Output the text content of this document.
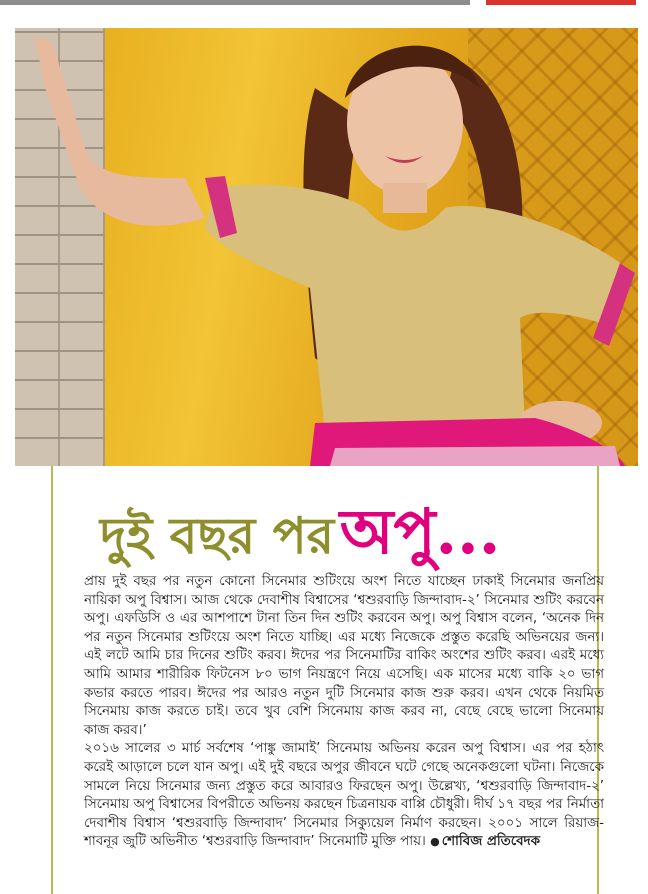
দুই বছর পর অপু...

প্রায় দুই বছর পর নতুন কোনো সিনেমার শুটিংয়ে অংশ নিতে যাচ্ছেন ঢাকাই সিনেমার জনপ্রিয় নায়িকা অপু বিশ্বাস। আজ থেকে দেবাশীষ বিশ্বাসের ‘শ্বশুরবাড়ি জিন্দাবাদ-২’ সিনেমার শুটিং করবেন অপু। এফডিসি ও এর আশপাশে টানা তিন দিন শুটিং করবেন অপু। অপু বিশ্বাস বলেন, ‘অনেক দিন পর নতুন সিনেমার শুটিংয়ে অংশ নিতে যাচ্ছি। এর মধ্যে নিজেকে প্রস্তুত করেছি অভিনয়ের জন্য। এই লটে আমি চার দিনের শুটিং করব। ঈদের পর সিনেমাটির বাকিং অংশের শুটিং করব। এরই মধ্যে আমি আমার শারীরিক ফিটনেস ৮০ ভাগ নিয়ন্ত্রণে নিয়ে এসেছি। এক মাসের মধ্যে বাকি ২০ ভাগ কভার করতে পারব। ঈদের পর আরও নতুন দুটি সিনেমার কাজ শুরু করব। এখন থেকে নিয়মিত সিনেমায় কাজ করতে চাই। তবে খুব বেশি সিনেমায় কাজ করব না, বেছে বেছে ভালো সিনেমায় কাজ করব।’

২০১৬ সালের ৩ মার্চ সর্বশেষ ‘পাঙ্কু জামাই’ সিনেমায় অভিনয় করেন অপু বিশ্বাস। এর পর হঠাৎ করেই আড়ালে চলে যান অপু। এই দুই বছরে অপুর জীবনে ঘটে গেছে অনেকগুলো ঘটনা। নিজেকে সামলে নিয়ে সিনেমার জন্য প্রস্তুত করে আবারও ফিরছেন অপু। উল্লেখ্য, ‘শ্বশুরবাড়ি জিন্দাবাদ-২’ সিনেমায় অপু বিশ্বাসের বিপরীতে অভিনয় করছেন চিত্রনায়ক বাপ্পি চৌধুরী। দীর্ঘ ১৭ বছর পর নির্মাতা দেবাশীষ বিশ্বাস ‘শ্বশুরবাড়ি জিন্দাবাদ’ সিনেমার সিক্যুয়েল নির্মাণ করছেন। ২০০১ সালে রিয়াজ-শাবনূর জুটি অভিনীত ‘শ্বশুরবাড়ি জিন্দাবাদ’ সিনেমাটি মুক্তি পায়। ● শোবিজ প্রতিবেদক
